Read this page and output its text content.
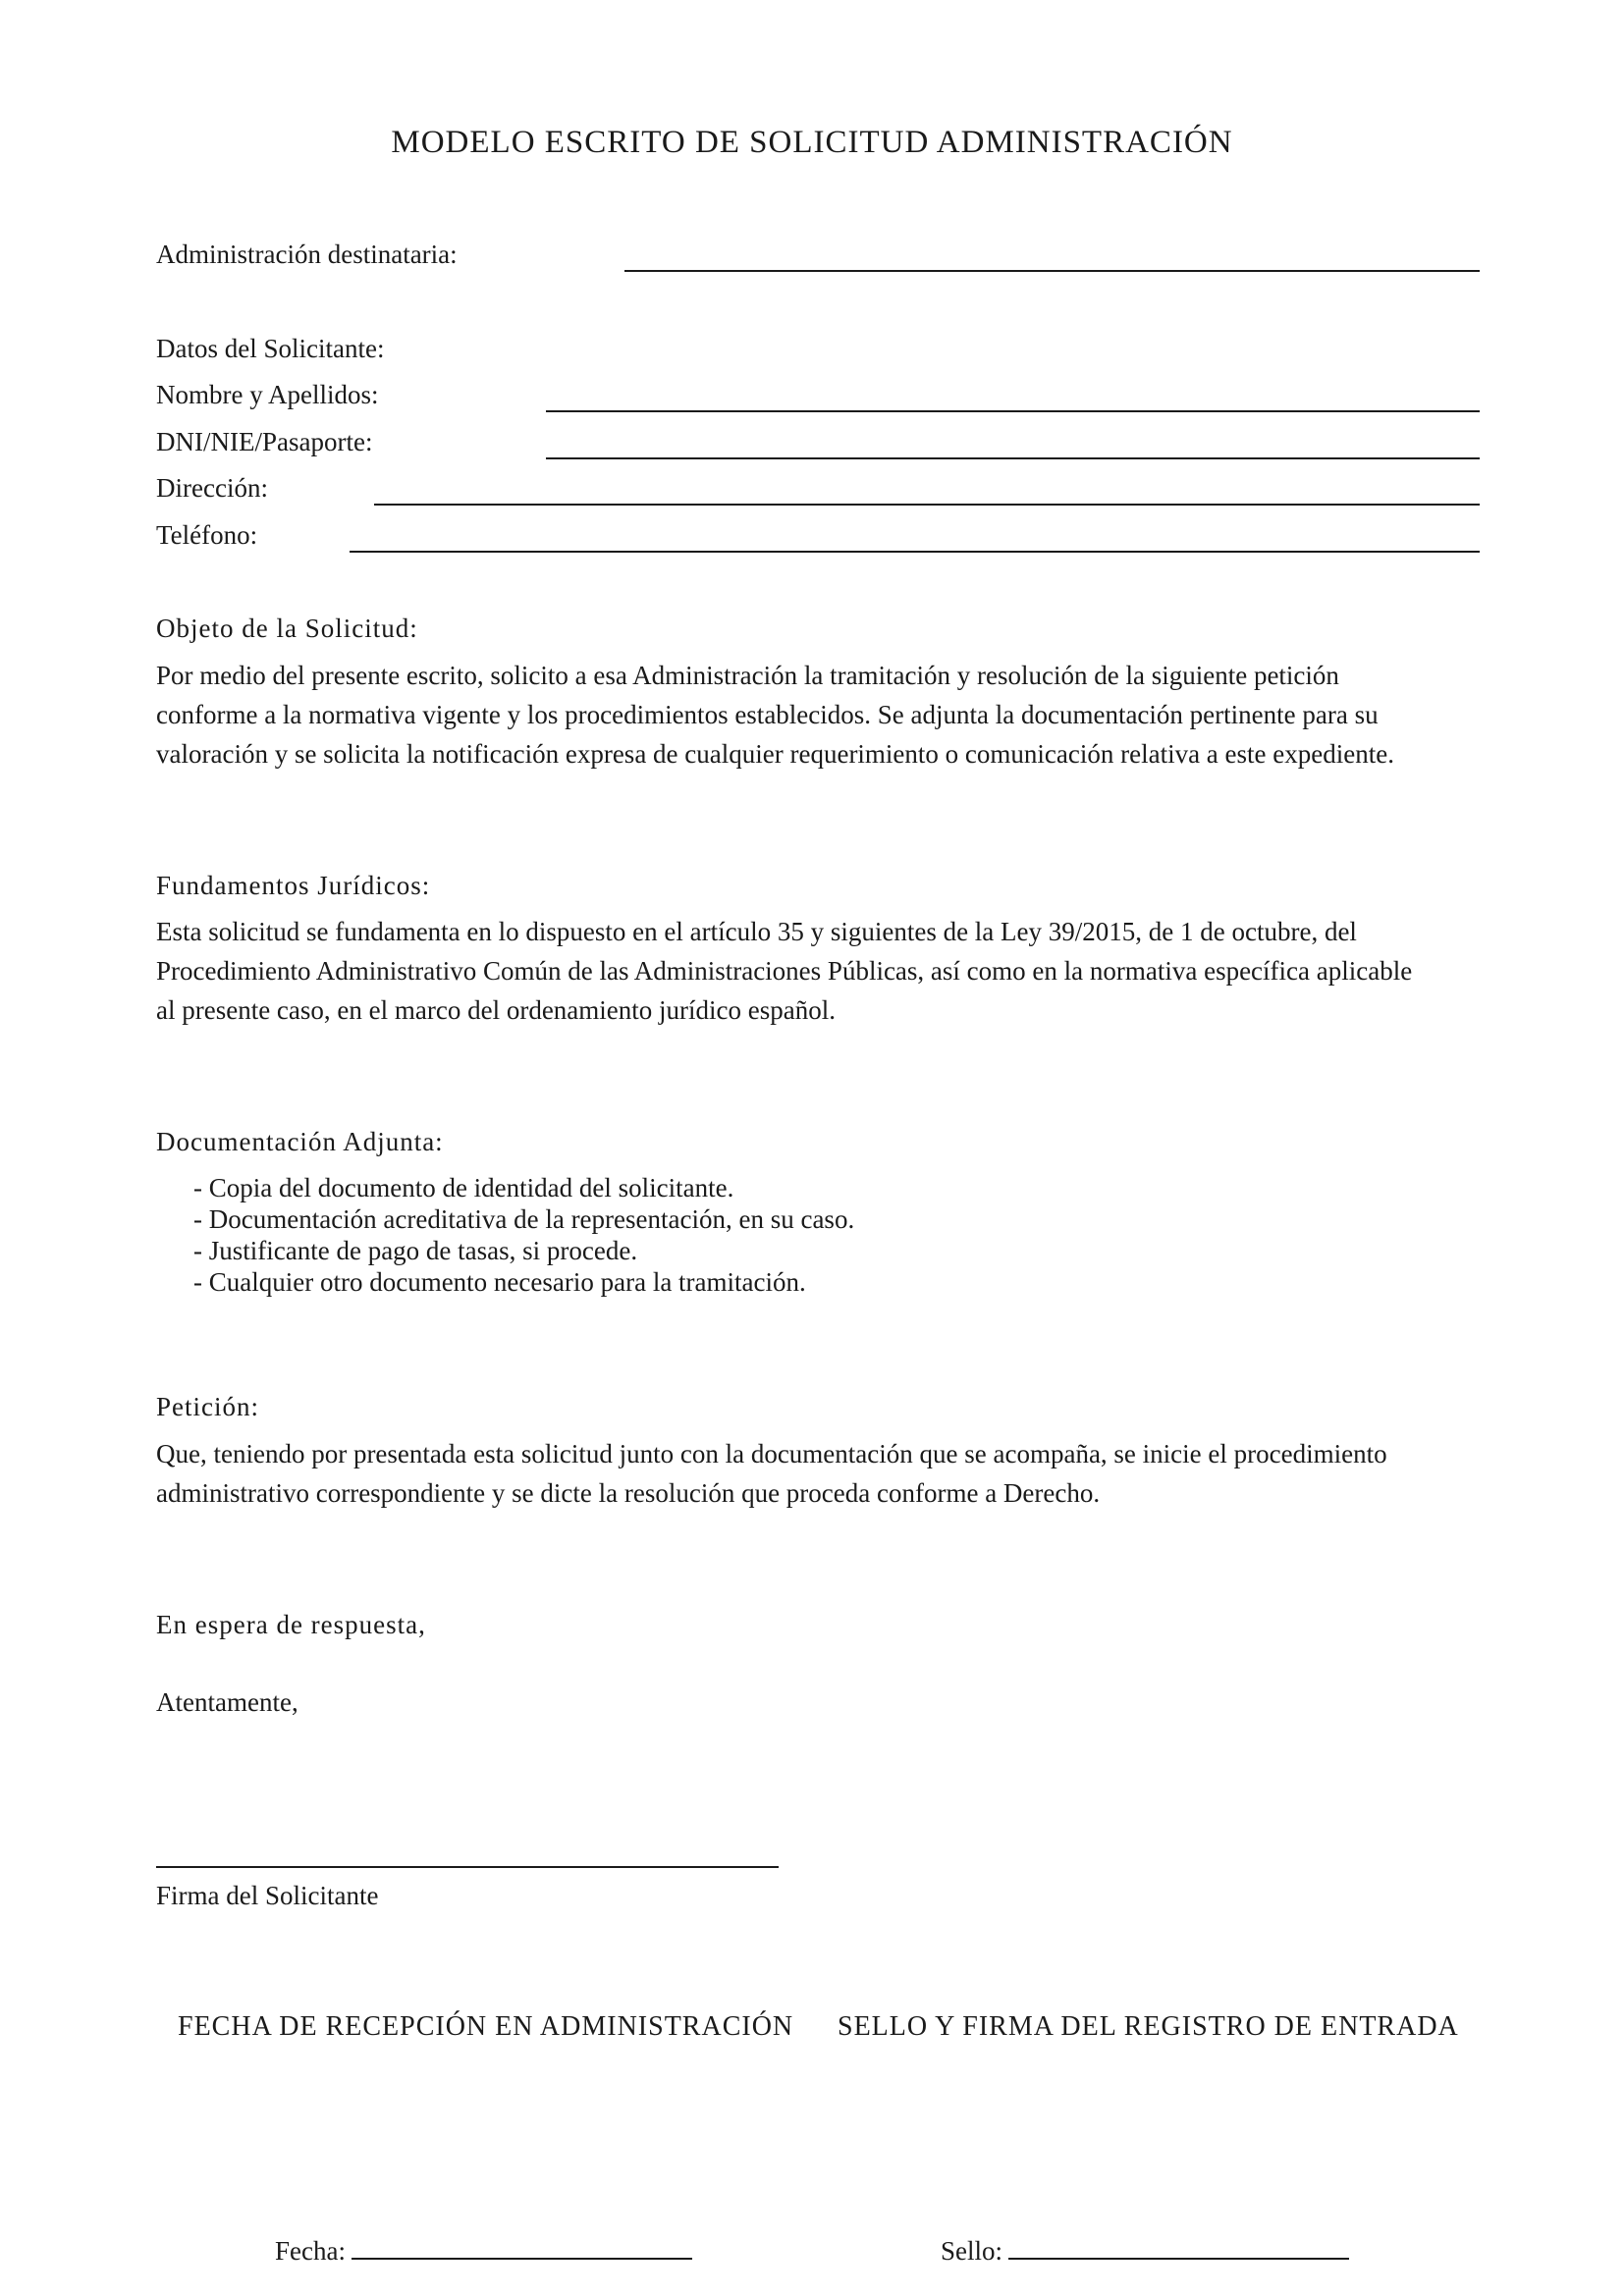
MODELO ESCRITO DE SOLICITUD ADMINISTRACIÓN
Administración destinataria:
Datos del Solicitante:
Nombre y Apellidos:
DNI/NIE/Pasaporte:
Dirección:
Teléfono:
Objeto de la Solicitud:

Por medio del presente escrito, solicito a esa Administración la tramitación y resolución de la siguiente petición

conforme a la normativa vigente y los procedimientos establecidos. Se adjunta la documentación pertinente para su

valoración y se solicita la notificación expresa de cualquier requerimiento o comunicación relativa a este expediente.

Fundamentos Jurídicos:

Esta solicitud se fundamenta en lo dispuesto en el artículo 35 y siguientes de la Ley 39/2015, de 1 de octubre, del

Procedimiento Administrativo Común de las Administraciones Públicas, así como en la normativa específica aplicable

al presente caso, en el marco del ordenamiento jurídico español.

Documentación Adjunta:
- Copia del documento de identidad del solicitante.
- Documentación acreditativa de la representación, en su caso.
- Justificante de pago de tasas, si procede.
- Cualquier otro documento necesario para la tramitación.
Petición:

Que, teniendo por presentada esta solicitud junto con la documentación que se acompaña, se inicie el procedimiento

administrativo correspondiente y se dicte la resolución que proceda conforme a Derecho.

En espera de respuesta,
Atentamente,
Firma del Solicitante
FECHA DE RECEPCIÓN EN ADMINISTRACIÓN SELLO Y FIRMA DEL REGISTRO DE ENTRADA
Fecha:	Sello:
